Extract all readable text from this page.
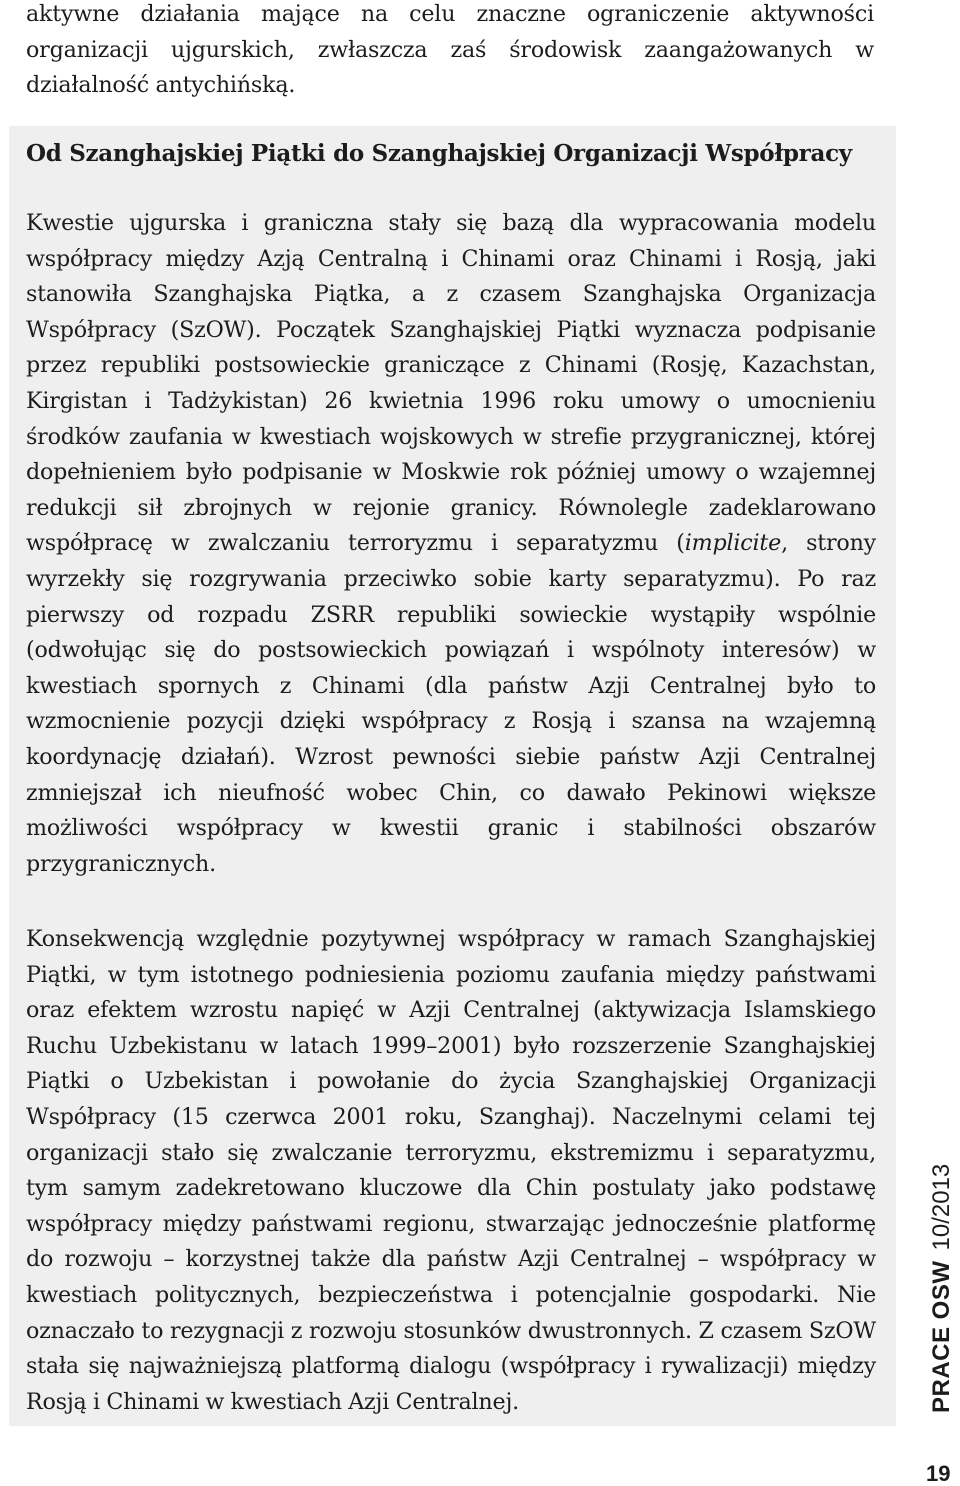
aktywne działania mające na celu znaczne ograniczenie aktywności organizacji ujgurskich, zwłaszcza zaś środowisk zaangażowanych w działalność antychińską.

Od Szanghajskiej Piątki do Szanghajskiej Organizacji Współpracy

Kwestie ujgurska i graniczna stały się bazą dla wypracowania modelu współpracy między Azją Centralną i Chinami oraz Chinami i Rosją, jaki stanowiła Szanghajska Piątka, a z czasem Szanghajska Organizacja Współpracy (SzOW). Początek Szanghajskiej Piątki wyznacza podpisanie przez republiki postsowieckie graniczące z Chinami (Rosję, Kazachstan, Kirgistan i Tadżykistan) 26 kwietnia 1996 roku umowy o umocnieniu środków zaufania w kwestiach wojskowych w strefie przygranicznej, której dopełnieniem było podpisanie w Moskwie rok później umowy o wzajemnej redukcji sił zbrojnych w rejonie granicy. Równolegle zadeklarowano współpracę w zwalczaniu terroryzmu i separatyzmu (implicite, strony wyrzekły się rozgrywania przeciwko sobie karty separatyzmu). Po raz pierwszy od rozpadu ZSRR republiki sowieckie wystąpiły wspólnie (odwołując się do postsowieckich powiązań i wspólnoty interesów) w kwestiach spornych z Chinami (dla państw Azji Centralnej było to wzmocnienie pozycji dzięki współpracy z Rosją i szansa na wzajemną koordynację działań). Wzrost pewności siebie państw Azji Centralnej zmniejszał ich nieufność wobec Chin, co dawało Pekinowi większe możliwości współpracy w kwestii granic i stabilności obszarów przygranicznych.

Konsekwencją względnie pozytywnej współpracy w ramach Szanghajskiej Piątki, w tym istotnego podniesienia poziomu zaufania między państwami oraz efektem wzrostu napięć w Azji Centralnej (aktywizacja Islamskiego Ruchu Uzbekistanu w latach 1999–2001) było rozszerzenie Szanghajskiej Piątki o Uzbekistan i powołanie do życia Szanghajskiej Organizacji Współpracy (15 czerwca 2001 roku, Szanghaj). Naczelnymi celami tej organizacji stało się zwalczanie terroryzmu, ekstremizmu i separatyzmu, tym samym zadekretowano kluczowe dla Chin postulaty jako podstawę współpracy między państwami regionu, stwarzając jednocześnie platformę do rozwoju – korzystnej także dla państw Azji Centralnej – współpracy w kwestiach politycznych, bezpieczeństwa i potencjalnie gospodarki. Nie oznaczało to rezygnacji z rozwoju stosunków dwustronnych. Z czasem SzOW stała się najważniejszą platformą dialogu (współpracy i rywalizacji) między Rosją i Chinami w kwestiach Azji Centralnej.	PRACE OSW10/2013
19
